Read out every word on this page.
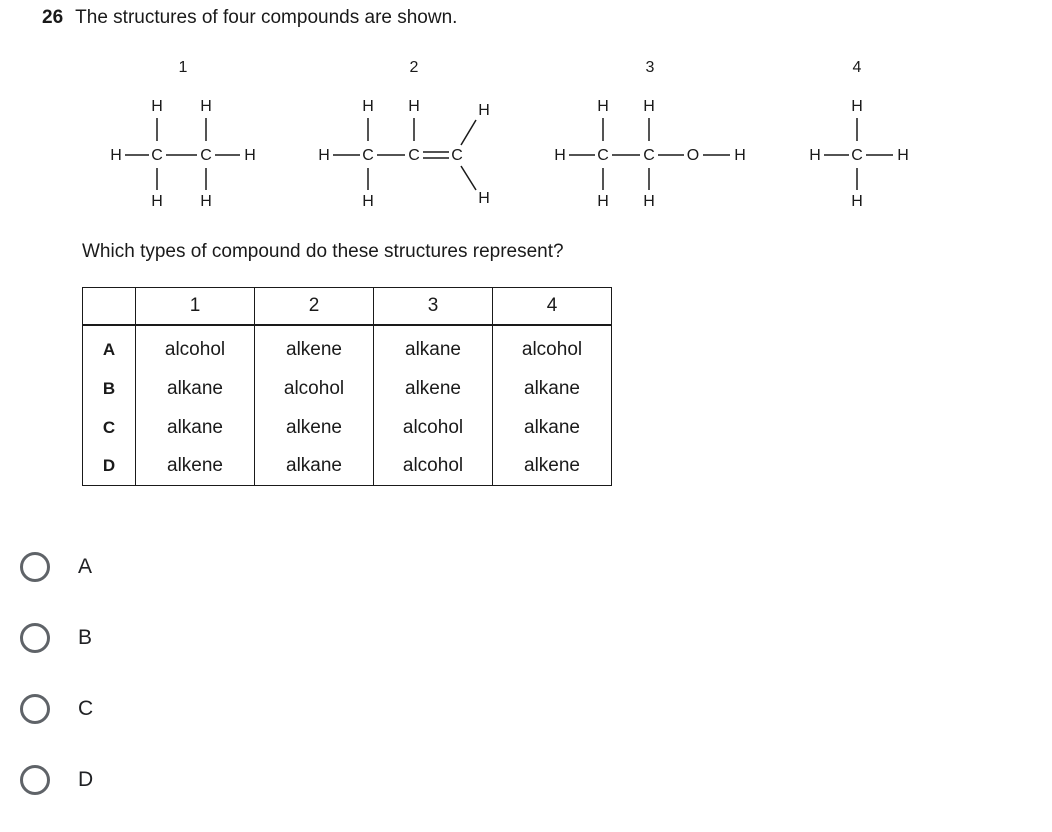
26 The structures of four compounds are shown.
1	2	3	4
H H
H C C H
H H
H H	H
H C C C
H	H
H H
H C C O H
H H
H
H C H
H
Which types of compound do these structures represent?
	1	2	3	4
A	alcohol	alkene	alkane	alcohol
B	alkane	alcohol	alkene	alkane
C	alkane	alkene	alcohol	alkane
D	alkene	alkane	alcohol	alkene
A
B
C
D
